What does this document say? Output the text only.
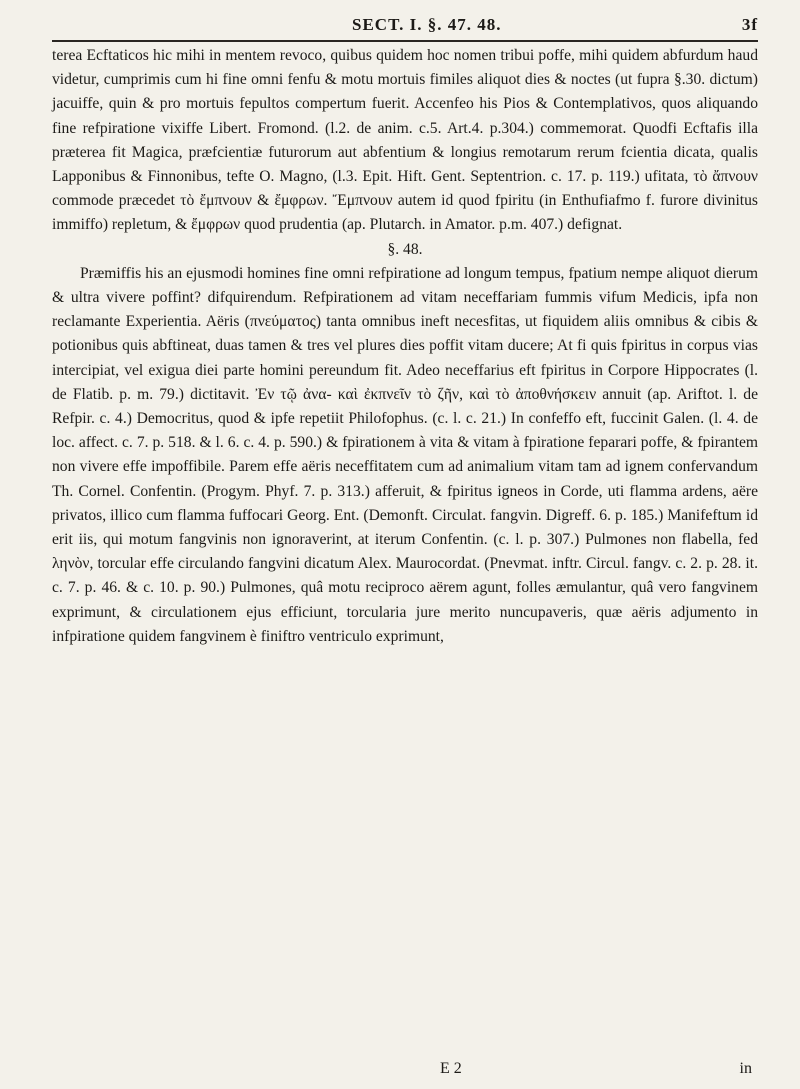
SECT. I. §. 47. 48.	3f

terea Ecftaticos hic mihi in mentem revoco, quibus quidem hoc nomen tribui poffe, mihi quidem abfurdum haud videtur, cumprimis cum hi fine omni fenfu & motu mortuis fimiles aliquot dies & noctes (ut fupra §.30. dictum) jacuiffe, quin & pro mortuis fepultos compertum fuerit. Accenfeo his Pios & Contemplativos, quos aliquando fine refpiratione vixiffe Libert. Fromond. (l.2. de anim. c.5. Art.4. p.304.) commemorat. Quodfi Ecftafis illa præterea fit Magica, præfcientiæ futurorum aut abfentium & longius remotarum rerum fcientia dicata, qualis Lapponibus & Finnonibus, tefte O. Magno, (l.3. Epit. Hift. Gent. Septentrion. c. 17. p. 119.) ufitata, τὸ ἄπνουν commode præcedet τὸ ἔμπνουν & ἔμφρων. Ἔμπνουν autem id quod fpiritu (in Enthufiafmo f. furore divinitus immiffo) repletum, & ἔμφρων quod prudentia (ap. Plutarch. in Amator. p.m. 407.) defignat.

§. 48.

Præmiffis his an ejusmodi homines fine omni refpiratione ad longum tempus, fpatium nempe aliquot dierum & ultra vivere poffint? difquirendum. Refpirationem ad vitam neceffariam fummis vifum Medicis, ipfa non reclamante Experientia. Aëris (πνεύματος) tanta omnibus ineft necesfitas, ut fiquidem aliis omnibus & cibis & potionibus quis abftineat, duas tamen & tres vel plures dies poffit vitam ducere; At fi quis fpiritus in corpus vias intercipiat, vel exigua diei parte homini pereundum fit. Adeo neceffarius eft fpiritus in Corpore Hippocrates (l. de Flatib. p. m. 79.) dictitavit. Ἐν τῷ ἀνα- καὶ ἐκπνεῖν τὸ ζῆν, καὶ τὸ ἀποθνήσκειν annuit (ap. Ariftot. l. de Refpir. c. 4.) Democritus, quod & ipfe repetiit Philofophus. (c. l. c. 21.) In confeffo eft, fuccinit Galen. (l. 4. de loc. affect. c. 7. p. 518. & l. 6. c. 4. p. 590.) & fpirationem à vita & vitam à fpiratione feparari poffe, & fpirantem non vivere effe impoffibile. Parem effe aëris neceffitatem cum ad animalium vitam tam ad ignem confervandum Th. Cornel. Confentin. (Progym. Phyf. 7. p. 313.) afferuit, & fpiritus igneos in Corde, uti flamma ardens, aëre privatos, illico cum flamma fuffocari Georg. Ent. (Demonft. Circulat. fangvin. Digreff. 6. p. 185.) Manifeftum id erit iis, qui motum fangvinis non ignoraverint, at iterum Confentin. (c. l. p. 307.) Pulmones non flabella, fed ληνὸν, torcular effe circulando fangvini dicatum Alex. Maurocordat. (Pnevmat. inftr. Circul. fangv. c. 2. p. 28. it. c. 7. p. 46. & c. 10. p. 90.) Pulmones, quâ motu reciproco aërem agunt, folles æmulantur, quâ vero fangvinem exprimunt, & circulationem ejus efficiunt, torcularia jure merito nuncupaveris, quæ aëris adjumento in infpiratione quidem fangvinem è finiftro ventriculo exprimunt,

E 2	in
